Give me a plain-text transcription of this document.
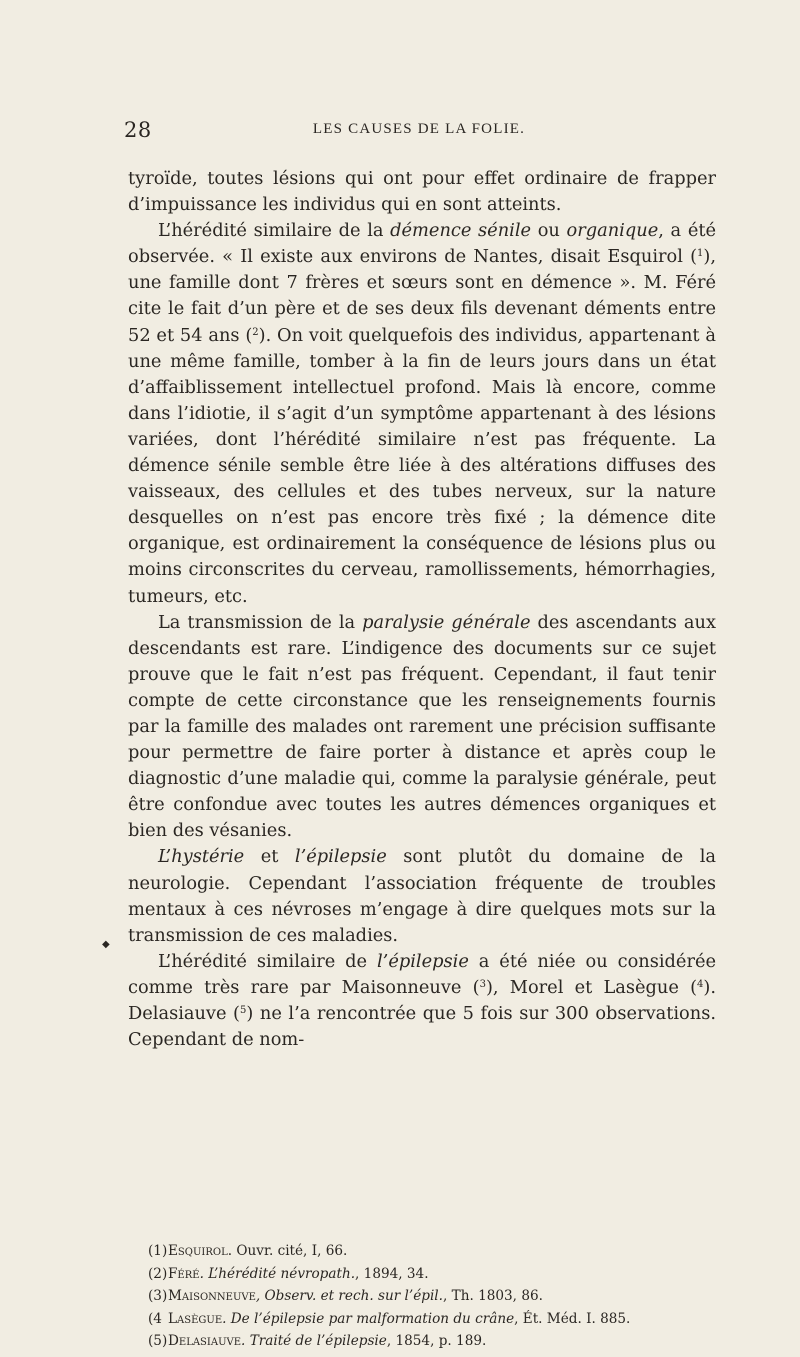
28	LES CAUSES DE LA FOLIE.
◆

tyroïde, toutes lésions qui ont pour effet ordinaire de frapper d’impuissance les individus qui en sont atteints.

L’hérédité similaire de la démence sénile ou organique, a été observée. « Il existe aux environs de Nantes, disait Esquirol ($^1$), une famille dont 7 frères et sœurs sont en démence ». M. Féré cite le fait d’un père et de ses deux fils devenant déments entre 52 et 54 ans ($^2$). On voit quelquefois des individus, appartenant à une même famille, tomber à la fin de leurs jours dans un état d’affaiblissement intellectuel profond. Mais là encore, comme dans l’idiotie, il s’agit d’un symptôme appartenant à des lésions variées, dont l’hérédité similaire n’est pas fréquente. La démence sénile semble être liée à des altérations diffuses des vaisseaux, des cellules et des tubes nerveux, sur la nature desquelles on n’est pas encore très fixé ; la démence dite organique, est ordinairement la conséquence de lésions plus ou moins circonscrites du cerveau, ramollissements, hémorrhagies, tumeurs, etc.

La transmission de la paralysie générale des ascendants aux descendants est rare. L’indigence des documents sur ce sujet prouve que le fait n’est pas fréquent. Cependant, il faut tenir compte de cette circonstance que les renseignements fournis par la famille des malades ont rarement une précision suffisante pour permettre de faire porter à distance et après coup le diagnostic d’une maladie qui, comme la paralysie générale, peut être confondue avec toutes les autres démences organiques et bien des vésanies.

L’hystérie et l’épilepsie sont plutôt du domaine de la neurologie. Cependant l’association fréquente de troubles mentaux à ces névroses m’engage à dire quelques mots sur la transmission de ces maladies.

L’hérédité similaire de l’épilepsie a été niée ou considérée comme très rare par Maisonneuve ($^3$), Morel et Lasègue ($^4$). Delasiauve ($^5$) ne l’a rencontrée que 5 fois sur 300 observations. Cependant de nom-

(1)Esquirol. Ouvr. cité, I, 66.
(2)Féré. L’hérédité névropath., 1894, 34.
(3)Maisonneuve, Observ. et rech. sur l’épil., Th. 1803, 86.
(4 Lasègue. De l’épilepsie par malformation du crâne, Ét. Méd. I. 885.
(5)Delasiauve. Traité de l’épilepsie, 1854, p. 189.
